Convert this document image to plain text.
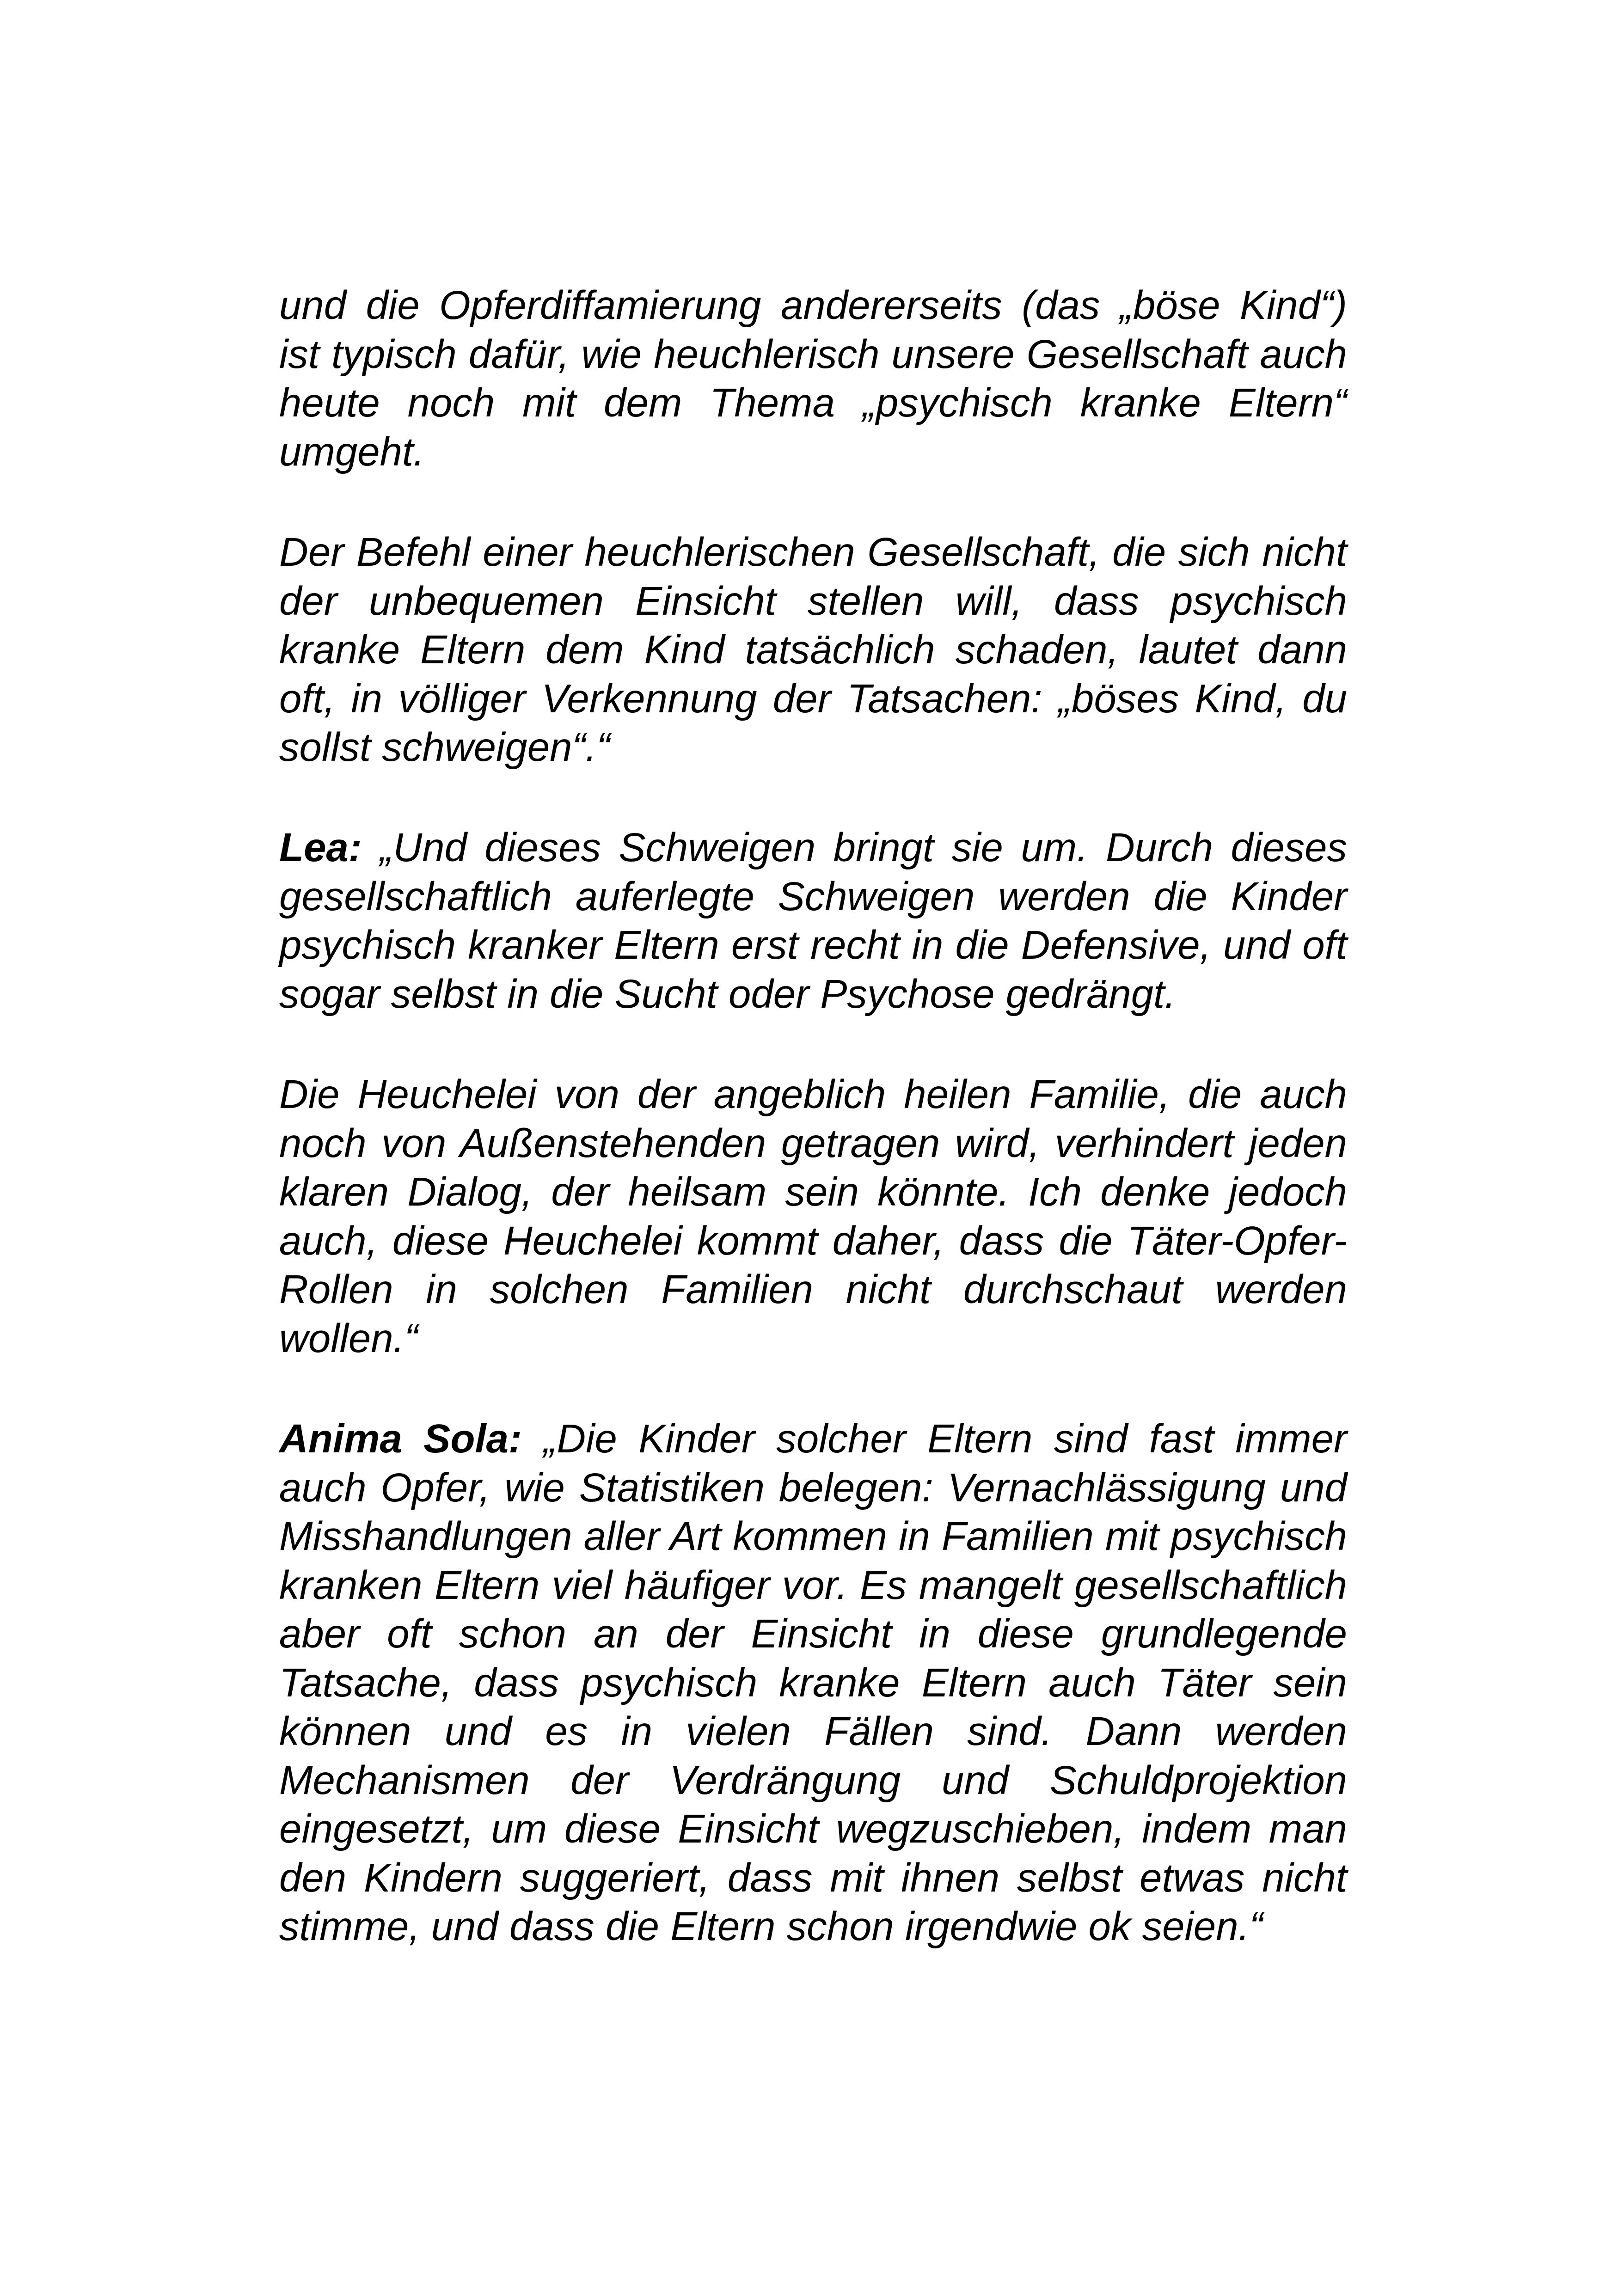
und die Opferdiffamierung andererseits (das „böse Kind“) ist typisch dafür, wie heuchlerisch unsere Gesellschaft auch heute noch mit dem Thema „psychisch kranke Eltern“ umgeht.

Der Befehl einer heuchlerischen Gesellschaft, die sich nicht der unbequemen Einsicht stellen will, dass psychisch kranke Eltern dem Kind tatsächlich schaden, lautet dann oft, in völliger Verkennung der Tatsachen: „böses Kind, du sollst schweigen“.“

Lea: „Und dieses Schweigen bringt sie um. Durch dieses gesellschaftlich auferlegte Schweigen werden die Kinder psychisch kranker Eltern erst recht in die Defensive, und oft sogar selbst in die Sucht oder Psychose gedrängt.

Die Heuchelei von der angeblich heilen Familie, die auch noch von Außenstehenden getragen wird, verhindert jeden klaren Dialog, der heilsam sein könnte. Ich denke jedoch auch, diese Heuchelei kommt daher, dass die Täter-Opfer-Rollen in solchen Familien nicht durchschaut werden wollen.“

Anima Sola: „Die Kinder solcher Eltern sind fast immer auch Opfer, wie Statistiken belegen: Vernachlässigung und Misshandlungen aller Art kommen in Familien mit psychisch kranken Eltern viel häufiger vor. Es mangelt gesellschaftlich aber oft schon an der Einsicht in diese grundlegende Tatsache, dass psychisch kranke Eltern auch Täter sein können und es in vielen Fällen sind. Dann werden Mechanismen der Verdrängung und Schuldprojektion eingesetzt, um diese Einsicht wegzuschieben, indem man den Kindern suggeriert, dass mit ihnen selbst etwas nicht stimme, und dass die Eltern schon irgendwie ok seien.“
